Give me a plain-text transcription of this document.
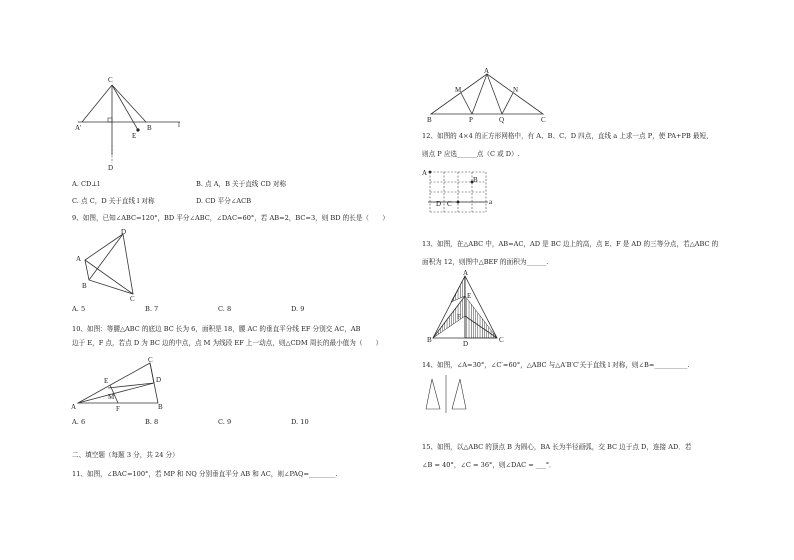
C
A'	B
E
D
l
A. CD⊥l	B. 点 A，B 关于直线 CD 对称
C. 点 C，D 关于直线 l 对称	D. CD 平分∠ACB
9、如图，已知∠ABC=120°，BD 平分∠ABC，∠DAC=60°，若 AB=2，BC=3，则 BD 的长是（　　）
D
A
B
C
A. 5	B. 7	C. 8	D. 9
10、如图：等腰△ABC 的底边 BC 长为 6，面积是 18，腰 AC 的垂直平分线 EF 分别交 AC，AB
边于 E，F 点，若点 D 为 BC 边的中点，点 M 为线段 EF 上一动点，则△CDM 周长的最小值为（　　）
C
E	D
M
A	F	B
A. 6	B. 8	C. 9	D. 10
二、填空题（每题 3 分，共 24 分）
11、如图，∠BAC=100°，若 MP 和 NQ 分别垂直平分 AB 和 AC，则∠PAQ=________.
A
M	N
B	P	Q	C
12、如图的 4×4 的正方形网格中，有 A、B、C、D 四点，直线 a 上求一点 P，使 PA+PB 最短，
则点 P 应选______点（C 或 D）.
A
B
D C	a
13、如图，在△ABC 中，AB=AC，AD 是 BC 边上的高，点 E、F 是 AD 的三等分点，若△ABC 的
面积为 12，则图中△BEF 的面积为______.
A
E
F
B	C
D
14、如图，∠A=30°，∠C′=60°，△ABC 与△A′B′C′关于直线 l 对称，则∠B=__________.
15、如图，以△ABC 的顶点 B 为圆心，BA 长为半径画弧，交 BC 边于点 D，连接 AD．若
∠B = 40°，∠C = 36°，则∠DAC = ___°．
